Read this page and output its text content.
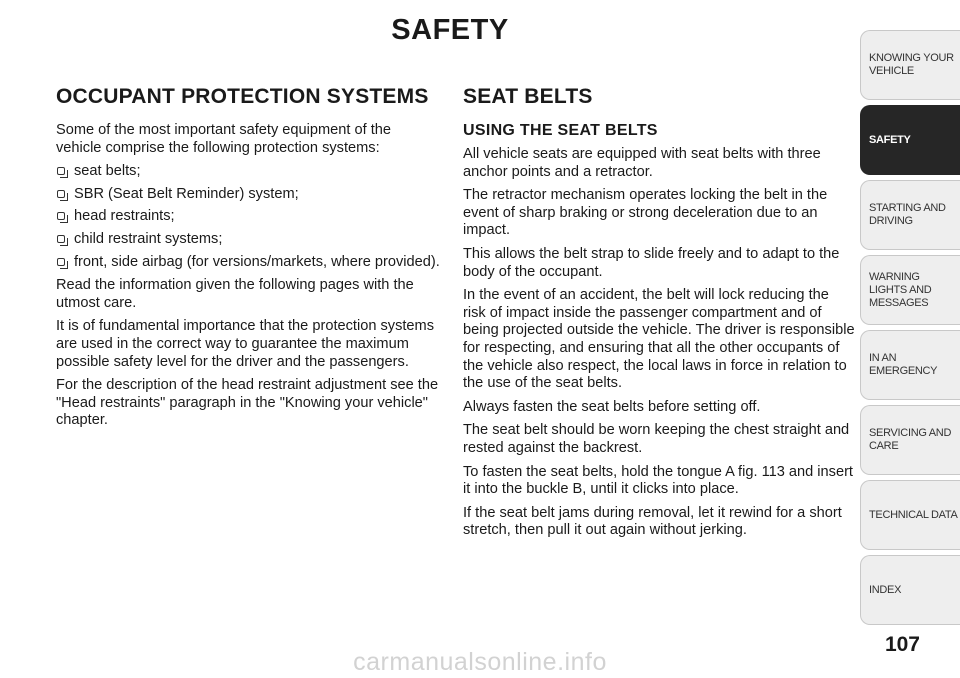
SAFETY
OCCUPANT PROTECTION SYSTEMS

Some of the most important safety equipment of the vehicle comprise the following protection systems:

seat belts;
SBR (Seat Belt Reminder) system;
head restraints;
child restraint systems;
front, side airbag (for versions/markets, where provided).

Read the information given the following pages with the utmost care.

It is of fundamental importance that the protection systems are used in the correct way to guarantee the maximum possible safety level for the driver and the passengers.

For the description of the head restraint adjustment see the "Head restraints" paragraph in the "Knowing your vehicle" chapter.

SEAT BELTS
USING THE SEAT BELTS

All vehicle seats are equipped with seat belts with three anchor points and a retractor.

The retractor mechanism operates locking the belt in the event of sharp braking or strong deceleration due to an impact.

This allows the belt strap to slide freely and to adapt to the body of the occupant.

In the event of an accident, the belt will lock reducing the risk of impact inside the passenger compartment and of being projected outside the vehicle. The driver is responsible for respecting, and ensuring that all the other occupants of the vehicle also respect, the local laws in force in relation to the use of the seat belts.

Always fasten the seat belts before setting off.

The seat belt should be worn keeping the chest straight and rested against the backrest.

To fasten the seat belts, hold the tongue A fig. 113 and insert it into the buckle B, until it clicks into place.

If the seat belt jams during removal, let it rewind for a short stretch, then pull it out again without jerking.

KNOWING YOUR VEHICLE
SAFETY
STARTING AND DRIVING
WARNING LIGHTS AND MESSAGES
IN AN EMERGENCY
SERVICING AND CARE
TECHNICAL DATA
INDEX
107
carmanualsonline.info
